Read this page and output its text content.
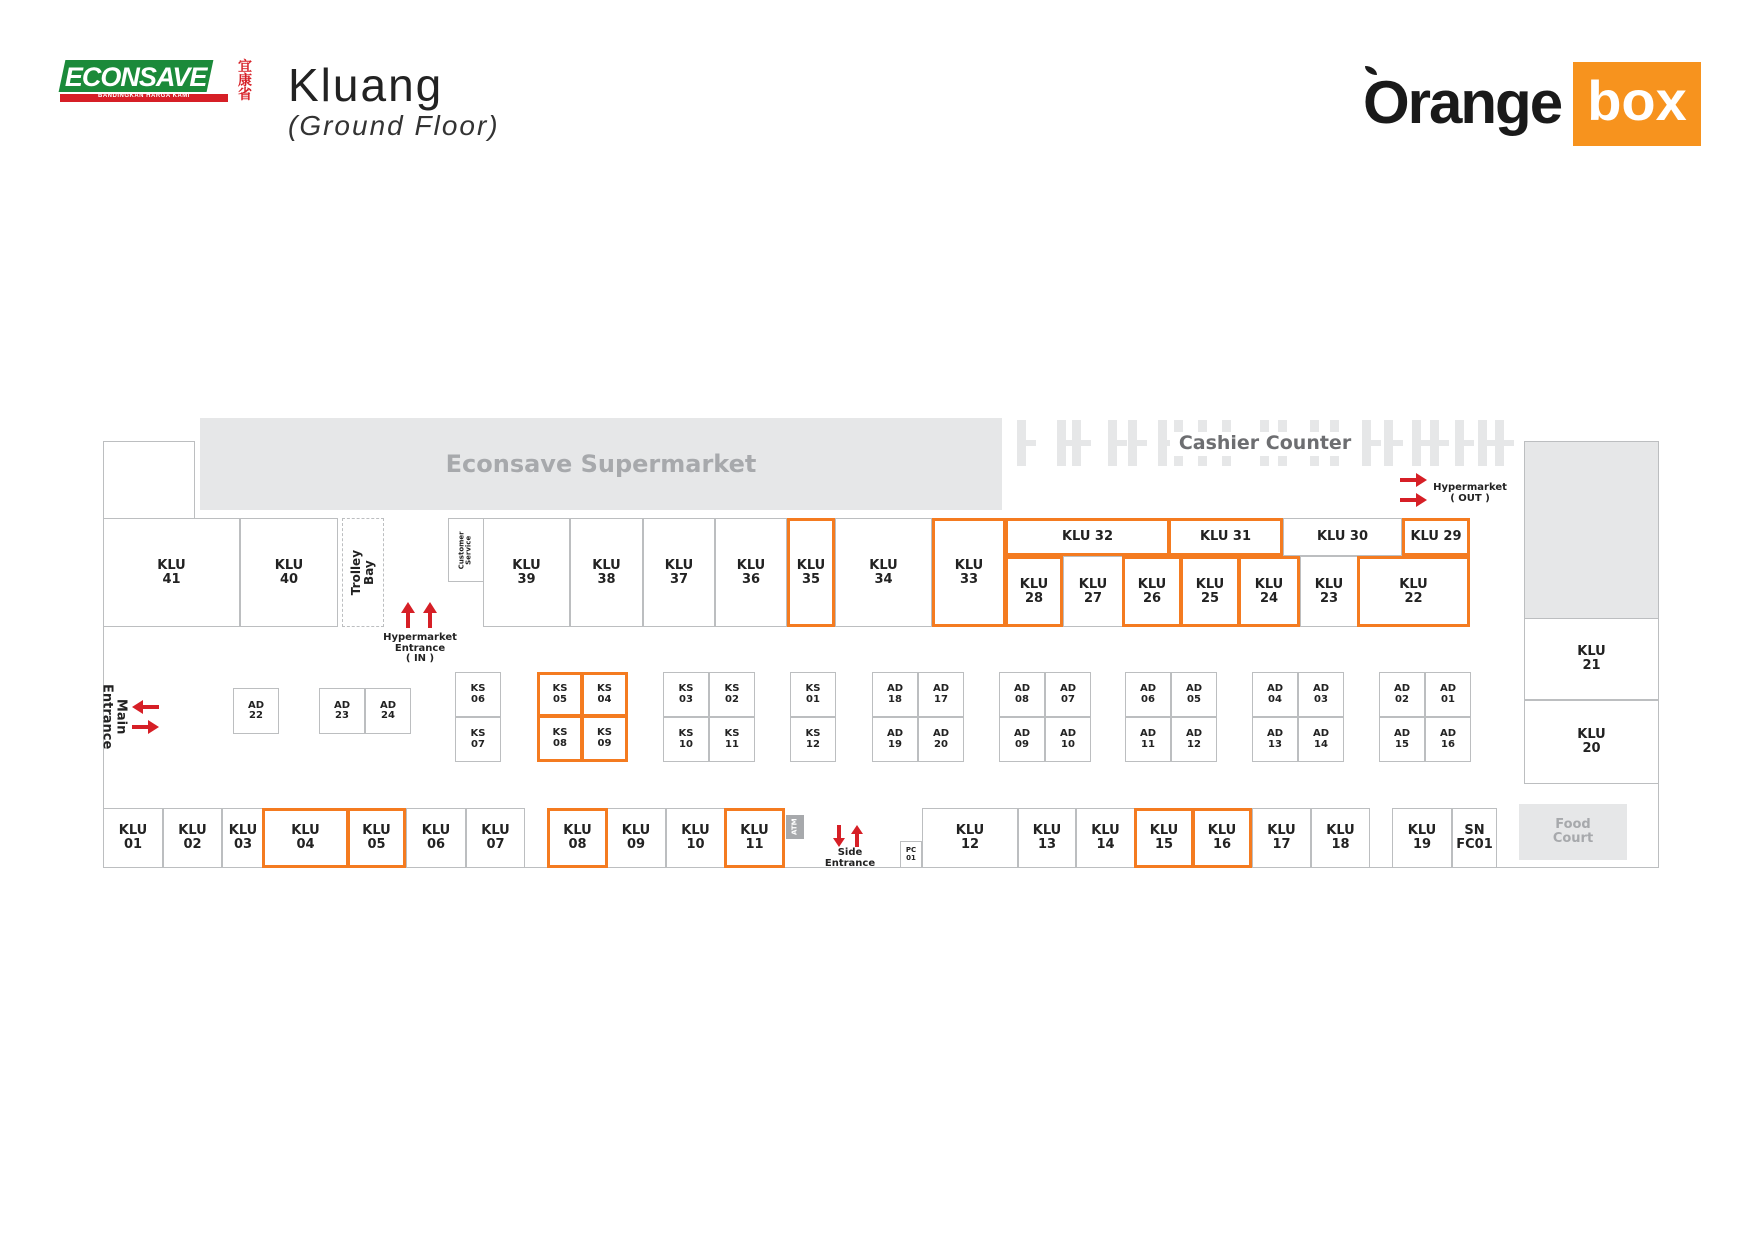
ECONSAVE
BANDINGKAN HARGA KAMI
宜康省 Kluang
(Ground Floor)	Orange box
Econsave Supermarket
Cashier Counter
KLU
41
KLU
40	Trolley
Bay
Customer
Service
KLU
39
KLU
38
KLU
37
KLU
36
KLU
35
KLU
34
KLU
33
KLU 32	KLU 31	KLU 30	KLU 29
KLU
28
KLU
27
KLU
26
KLU
25
KLU
24
KLU
23
KLU
22
KLU
21
KLU
20
Hypermarket
( OUT )
Hypermarket
Entrance
( IN )
Main
Entrance	AD
22
AD
23
AD
24
KS
06
KS
07
KS
05
KS
04
KS
08
KS
09
KS
03
KS
02
KS
10
KS
11
KS
01
KS
12
AD
18
AD
17
AD
19
AD
20
AD
08
AD
07
AD
09
AD
10
AD
06
AD
05
AD
11
AD
12
AD
04
AD
03
AD
13
AD
14
AD
02
AD
01
AD
15
AD
16
KLU
01
KLU
02
KLU
03
KLU
04
KLU
05
KLU
06
KLU
07
KLU
08
KLU
09
KLU
10
KLU
11
ATM
Side
Entrance
PC
01
KLU
12
KLU
13
KLU
14
KLU
15
KLU
16
KLU
17
KLU
18
KLU
19
SN
FC01
Food
Court
